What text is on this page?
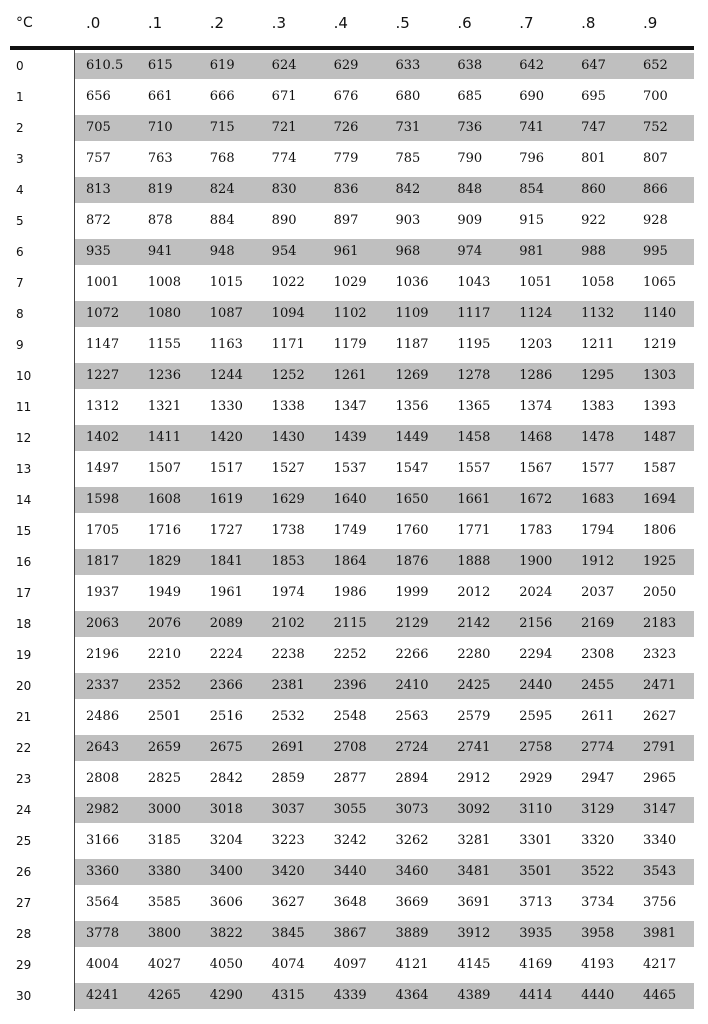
°C	.0	.1	.2	.3	.4	.5	.6	.7	.8	.9
0	610.5	615	619	624	629	633	638	642	647	652
1	656	661	666	671	676	680	685	690	695	700
2	705	710	715	721	726	731	736	741	747	752
3	757	763	768	774	779	785	790	796	801	807
4	813	819	824	830	836	842	848	854	860	866
5	872	878	884	890	897	903	909	915	922	928
6	935	941	948	954	961	968	974	981	988	995
7	1001	1008	1015	1022	1029	1036	1043	1051	1058	1065
8	1072	1080	1087	1094	1102	1109	1117	1124	1132	1140
9	1147	1155	1163	1171	1179	1187	1195	1203	1211	1219
10	1227	1236	1244	1252	1261	1269	1278	1286	1295	1303
11	1312	1321	1330	1338	1347	1356	1365	1374	1383	1393
12	1402	1411	1420	1430	1439	1449	1458	1468	1478	1487
13	1497	1507	1517	1527	1537	1547	1557	1567	1577	1587
14	1598	1608	1619	1629	1640	1650	1661	1672	1683	1694
15	1705	1716	1727	1738	1749	1760	1771	1783	1794	1806
16	1817	1829	1841	1853	1864	1876	1888	1900	1912	1925
17	1937	1949	1961	1974	1986	1999	2012	2024	2037	2050
18	2063	2076	2089	2102	2115	2129	2142	2156	2169	2183
19	2196	2210	2224	2238	2252	2266	2280	2294	2308	2323
20	2337	2352	2366	2381	2396	2410	2425	2440	2455	2471
21	2486	2501	2516	2532	2548	2563	2579	2595	2611	2627
22	2643	2659	2675	2691	2708	2724	2741	2758	2774	2791
23	2808	2825	2842	2859	2877	2894	2912	2929	2947	2965
24	2982	3000	3018	3037	3055	3073	3092	3110	3129	3147
25	3166	3185	3204	3223	3242	3262	3281	3301	3320	3340
26	3360	3380	3400	3420	3440	3460	3481	3501	3522	3543
27	3564	3585	3606	3627	3648	3669	3691	3713	3734	3756
28	3778	3800	3822	3845	3867	3889	3912	3935	3958	3981
29	4004	4027	4050	4074	4097	4121	4145	4169	4193	4217
30	4241	4265	4290	4315	4339	4364	4389	4414	4440	4465
